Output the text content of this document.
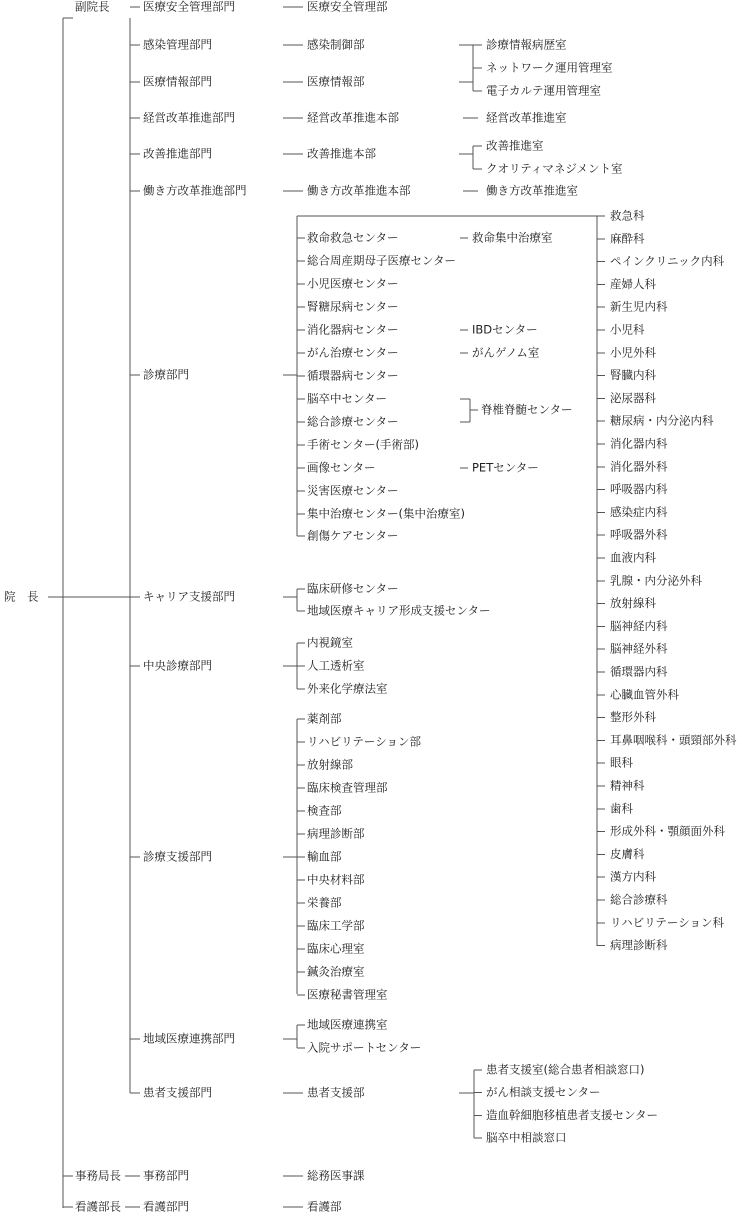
院　長
副院長
事務局長
看護部長
医療安全管理部門
感染管理部門
医療情報部門
経営改革推進部門
改善推進部門
働き方改革推進部門
診療部門
キャリア支援部門
中央診療部門
診療支援部門
地域医療連携部門
患者支援部門
事務部門
看護部門
医療安全管理部
感染制御部
医療情報部
経営改革推進本部
改善推進本部
働き方改革推進本部
患者支援部
総務医事課
看護部
診療情報病歴室
ネットワーク運用管理室
電子カルテ運用管理室
経営改革推進室
改善推進室
クオリティマネジメント室
働き方改革推進室
救命救急センター
総合周産期母子医療センター
小児医療センター
腎糖尿病センター
消化器病センター
がん治療センター
循環器病センター
脳卒中センター
総合診療センター
手術センター(手術部)
画像センター
災害医療センター
集中治療センター(集中治療室)
創傷ケアセンター
救命集中治療室
IBDセンター
がんゲノム室
脊椎脊髄センター
PETセンター
救急科
麻酔科
ペインクリニック内科
産婦人科
新生児内科
小児科
小児外科
腎臓内科
泌尿器科
糖尿病・内分泌内科
消化器内科
消化器外科
呼吸器内科
感染症内科
呼吸器外科
血液内科
乳腺・内分泌外科
放射線科
脳神経内科
脳神経外科
循環器内科
心臓血管外科
整形外科
耳鼻咽喉科・頭頸部外科
眼科
精神科
歯科
形成外科・顎顔面外科
皮膚科
漢方内科
総合診療科
リハビリテーション科
病理診断科
臨床研修センター
地域医療キャリア形成支援センター
内視鏡室
人工透析室
外来化学療法室
薬剤部
リハビリテーション部
放射線部
臨床検査管理部
検査部
病理診断部
輸血部
中央材料部
栄養部
臨床工学部
臨床心理室
鍼灸治療室
医療秘書管理室
地域医療連携室
入院サポートセンター
患者支援室(総合患者相談窓口)
がん相談支援センター
造血幹細胞移植患者支援センター
脳卒中相談窓口
